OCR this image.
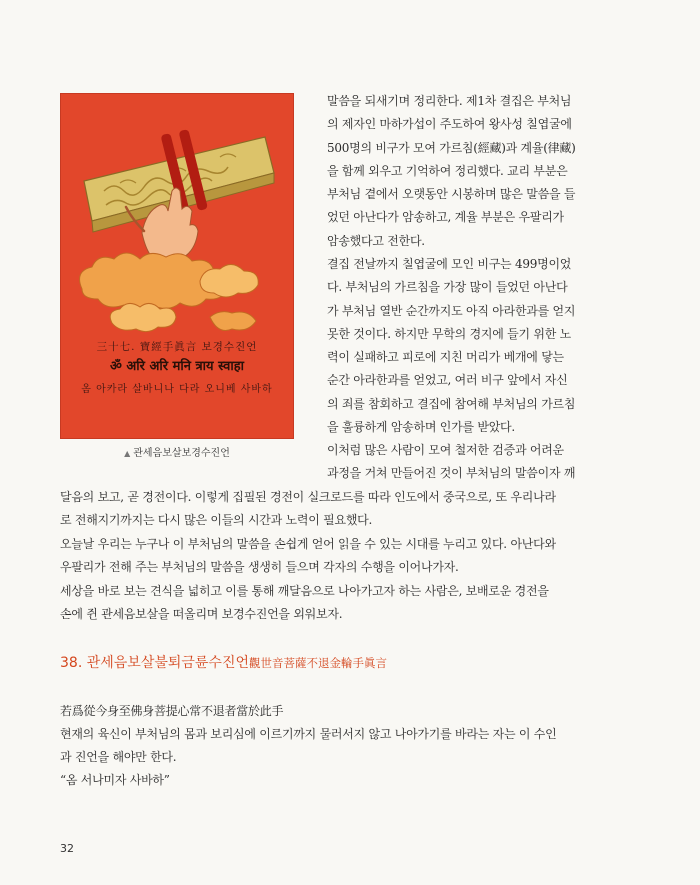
三十七. 寶經手眞言 보경수진언
ॐ अरि अरि मनि त्राय स्वाहा
옴 아카라 살바니나 다라 오니베 사바하
▲ 관세음보살보경수진언
말씀을 되새기며 정리한다. 제1차 결집은 부처님
의 제자인 마하가섭이 주도하여 왕사성 칠엽굴에
500명의 비구가 모여 가르침(經藏)과 계율(律藏)
을 함께 외우고 기억하여 정리했다. 교리 부분은
부처님 곁에서 오랫동안 시봉하며 많은 말씀을 들
었던 아난다가 암송하고, 계율 부분은 우팔리가
암송했다고 전한다.
결집 전날까지 칠엽굴에 모인 비구는 499명이었
다. 부처님의 가르침을 가장 많이 들었던 아난다
가 부처님 열반 순간까지도 아직 아라한과를 얻지
못한 것이다. 하지만 무학의 경지에 들기 위한 노
력이 실패하고 피로에 지친 머리가 베개에 닿는
순간 아라한과를 얻었고, 여러 비구 앞에서 자신
의 죄를 참회하고 결집에 참여해 부처님의 가르침
을 훌륭하게 암송하며 인가를 받았다.
이처럼 많은 사람이 모여 철저한 검증과 어려운
과정을 거쳐 만들어진 것이 부처님의 말씀이자 깨
달음의 보고, 곧 경전이다. 이렇게 집필된 경전이 실크로드를 따라 인도에서 중국으로, 또 우리나라
로 전해지기까지는 다시 많은 이들의 시간과 노력이 필요했다.
오늘날 우리는 누구나 이 부처님의 말씀을 손쉽게 얻어 읽을 수 있는 시대를 누리고 있다. 아난다와
우팔리가 전해 주는 부처님의 말씀을 생생히 들으며 각자의 수행을 이어나가자.
세상을 바로 보는 견식을 넓히고 이를 통해 깨달음으로 나아가고자 하는 사람은, 보배로운 경전을
손에 쥔 관세음보살을 떠올리며 보경수진언을 외워보자.
38. 관세음보살불퇴금륜수진언觀世音菩薩不退金輪手眞言
若爲從今身至佛身菩提心常不退者當於此手
현재의 육신이 부처님의 몸과 보리심에 이르기까지 물러서지 않고 나아가기를 바라는 자는 이 수인
과 진언을 해야만 한다.
“옴 서나미자 사바하”
32
